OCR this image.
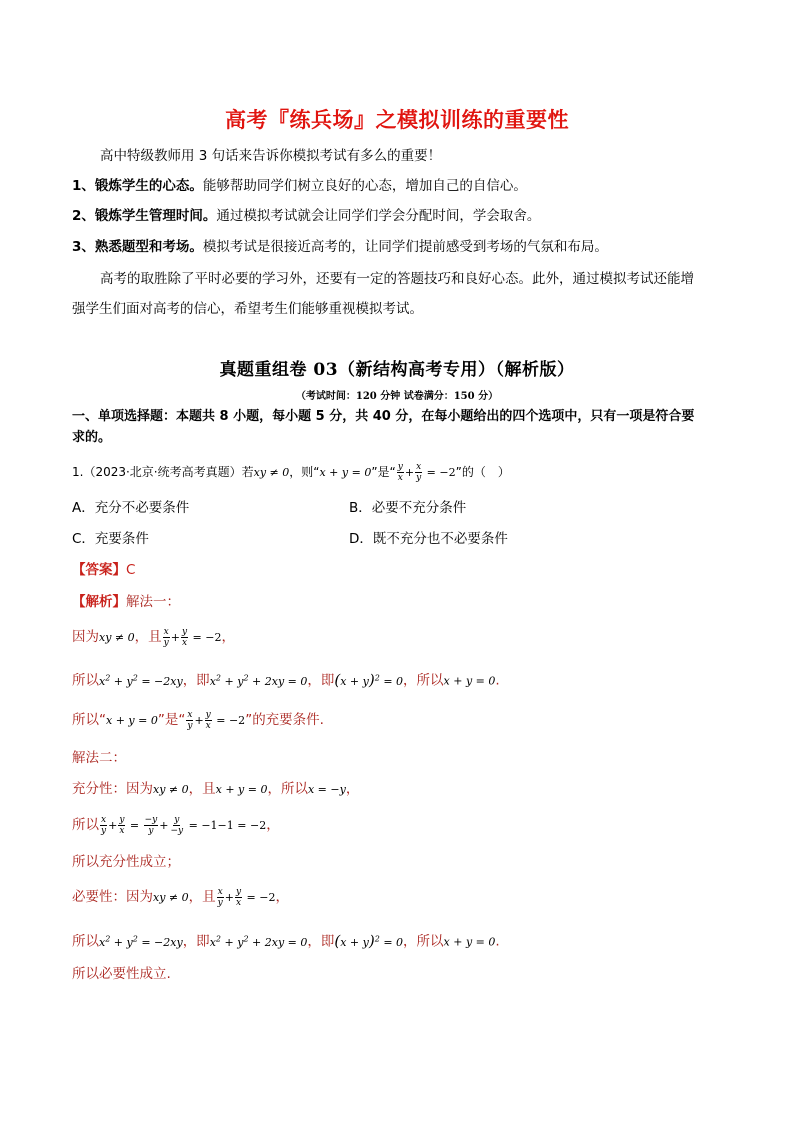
高考『练兵场』之模拟训练的重要性
高中特级教师用 3 句话来告诉你模拟考试有多么的重要！
1、锻炼学生的心态。能够帮助同学们树立良好的心态，增加自己的自信心。
2、锻炼学生管理时间。通过模拟考试就会让同学们学会分配时间，学会取舍。
3、熟悉题型和考场。模拟考试是很接近高考的，让同学们提前感受到考场的气氛和布局。
高考的取胜除了平时必要的学习外，还要有一定的答题技巧和良好心态。此外，通过模拟考试还能增
强学生们面对高考的信心，希望考生们能够重视模拟考试。
真题重组卷 03（新结构高考专用）（解析版）
（考试时间：120 分钟 试卷满分：150 分）
一、单项选择题：本题共 8 小题，每小题 5 分，共 40 分，在每小题给出的四个选项中，只有一项是符合要
求的。
1.（2023·北京·统考高考真题）若xy ≠ 0，则“x + y = 0”是“ $\frac{y}{x} + \frac{x}{y} = -2$”的（　）
A．充分不必要条件	B．必要不充分条件
C．充要条件	D．既不充分也不必要条件
【答案】C
【解析】解法一：
因为xy ≠ 0，且 $\frac{x}{y} + \frac{y}{x} = -2$，
所以$x^2 + y^2 = -2xy$，即$x^2 + y^2 + 2xy = 0$，即$(x + y)^2 = 0$，所以x + y = 0.
所以“x + y = 0”是“ $\frac{x}{y} + \frac{y}{x} = -2$”的充要条件.
解法二：
充分性：因为xy ≠ 0，且x + y = 0，所以x = −y，
所以 $\frac{x}{y} + \frac{y}{x} = \frac{-y}{y} + \frac{y}{-y} = -1-1 = -2$，
所以充分性成立；
必要性：因为xy ≠ 0，且 $\frac{x}{y} + \frac{y}{x} = -2$，
所以$x^2 + y^2 = -2xy$，即$x^2 + y^2 + 2xy = 0$，即$(x + y)^2 = 0$，所以x + y = 0.
所以必要性成立.
